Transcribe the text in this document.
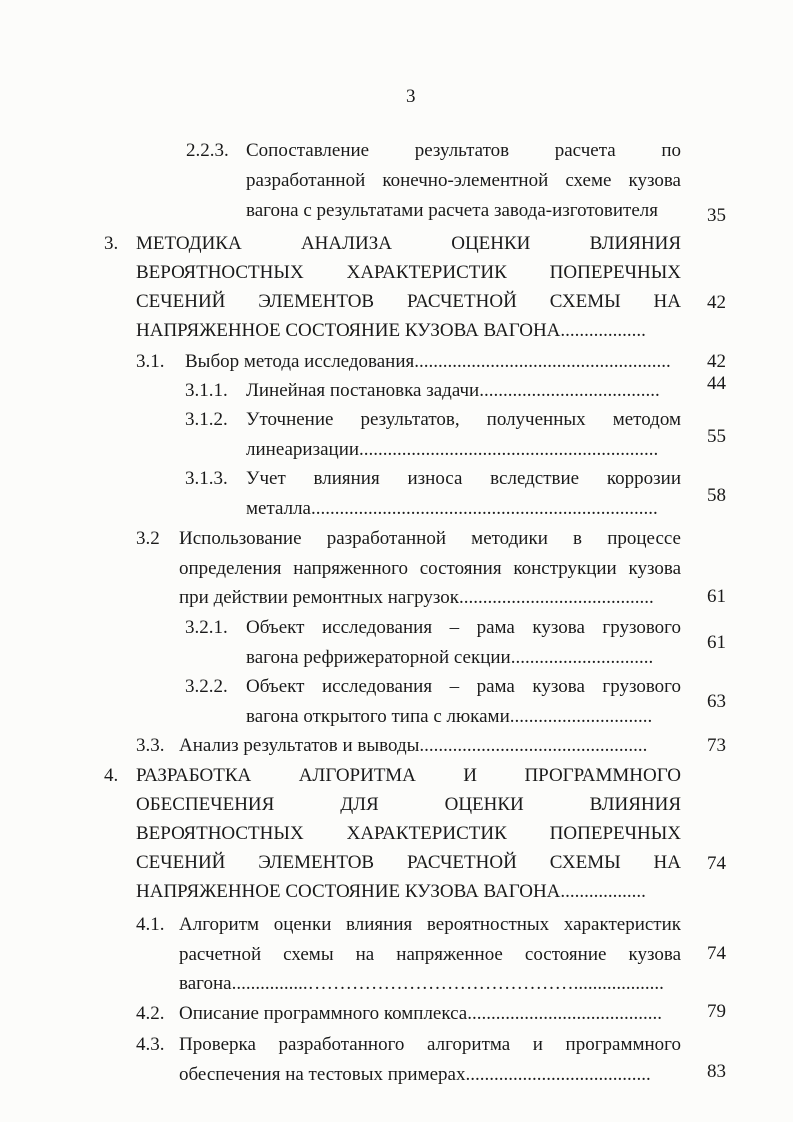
3
2.2.3. Сопоставление результатов расчета по
разработанной конечно-элементной схеме кузова
вагона с результатами расчета завода-изготовителя	35
3. МЕТОДИКА АНАЛИЗА ОЦЕНКИ ВЛИЯНИЯ
ВЕРОЯТНОСТНЫХ ХАРАКТЕРИСТИК ПОПЕРЕЧНЫХ
СЕЧЕНИЙ ЭЛЕМЕНТОВ РАСЧЕТНОЙ СХЕМЫ НА
НАПРЯЖЕННОЕ СОСТОЯНИЕ КУЗОВА ВАГОНА..................
42
3.1. Выбор метода исследования......................................................	42
3.1.1. Линейная постановка задачи......................................	44
3.1.2. Уточнение результатов, полученных методом
линеаризации...............................................................
55
3.1.3. Учет влияния износа вследствие коррозии
металла.........................................................................
58
3.2 Использование разработанной методики в процессе
определения напряженного состояния конструкции кузова
при действии ремонтных нагрузок.........................................	61
3.2.1. Объект исследования – рама кузова грузового
вагона рефрижераторной секции..............................
61
3.2.2. Объект исследования – рама кузова грузового
вагона открытого типа с люками..............................
63
3.3. Анализ результатов и выводы................................................	73
4. РАЗРАБОТКА АЛГОРИТМА И ПРОГРАММНОГО
ОБЕСПЕЧЕНИЯ ДЛЯ ОЦЕНКИ ВЛИЯНИЯ
ВЕРОЯТНОСТНЫХ ХАРАКТЕРИСТИК ПОПЕРЕЧНЫХ
СЕЧЕНИЙ ЭЛЕМЕНТОВ РАСЧЕТНОЙ СХЕМЫ НА
НАПРЯЖЕННОЕ СОСТОЯНИЕ КУЗОВА ВАГОНА..................
74
4.1. Алгоритм оценки влияния вероятностных характеристик
расчетной схемы на напряженное состояние кузова
вагона................……………………………………...................
74
4.2. Описание программного комплекса.........................................	79
4.3. Проверка разработанного алгоритма и программного
обеспечения на тестовых примерах.......................................	83
